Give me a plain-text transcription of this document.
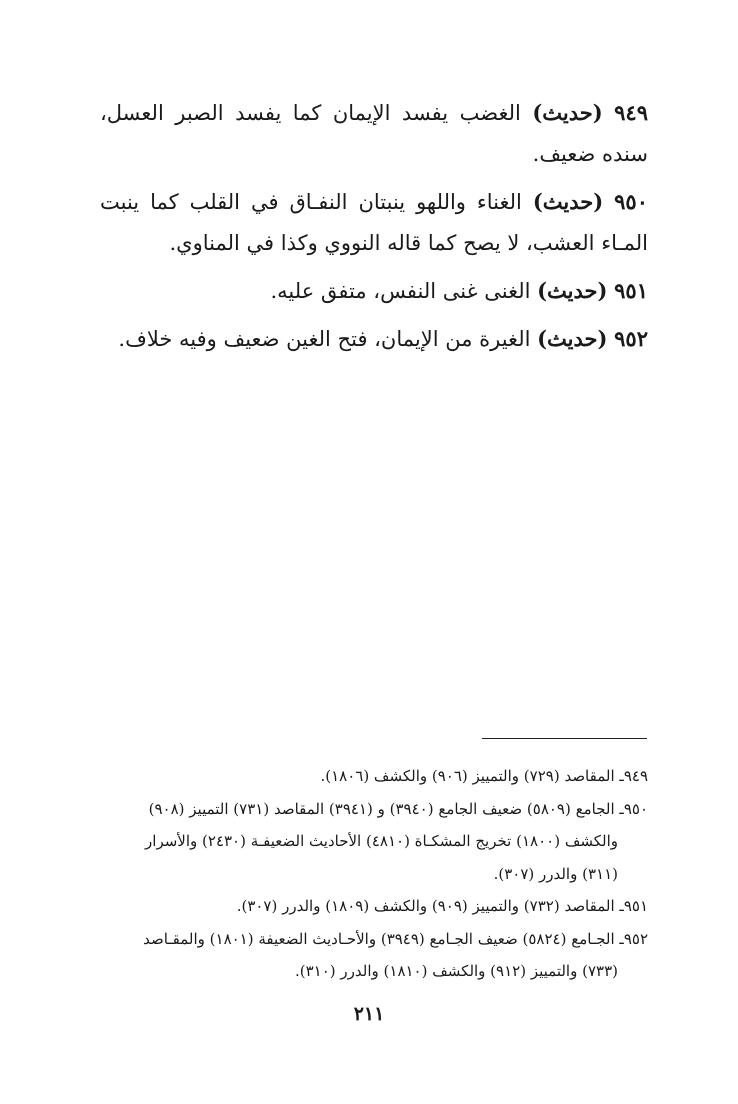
٩٤٩ (حديث) الغضب يفسد الإيمان كما يفسد الصبر العسل، سنده ضعيف.

٩٥٠ (حديث) الغناء واللهو ينبتان النفـاق في القلب كما ينبت المـاء العشب، لا يصح كما قاله النووي وكذا في المناوي.

٩٥١ (حديث) الغنى غنى النفس، متفق عليه.

٩٥٢ (حديث) الغيرة من الإيمان، فتح الغين ضعيف وفيه خلاف.

٩٤٩ـ المقاصد (٧٢٩) والتمييز (٩٠٦) والكشف (١٨٠٦).

٩٥٠ـ الجامع (٥٨٠٩) ضعيف الجامع (٣٩٤٠) و (٣٩٤١) المقاصد (٧٣١) التمييز (٩٠٨)
والكشف (١٨٠٠) تخريج المشكـاة (٤٨١٠) الأحاديث الضعيفـة (٢٤٣٠) والأسرار
(٣١١) والدرر (٣٠٧).

٩٥١ـ المقاصد (٧٣٢) والتمييز (٩٠٩) والكشف (١٨٠٩) والدرر (٣٠٧).

٩٥٢ـ الجـامع (٥٨٢٤) ضعيف الجـامع (٣٩٤٩) والأحـاديث الضعيفة (١٨٠١) والمقـاصد
(٧٣٣) والتمييز (٩١٢) والكشف (١٨١٠) والدرر (٣١٠).

٢١١
